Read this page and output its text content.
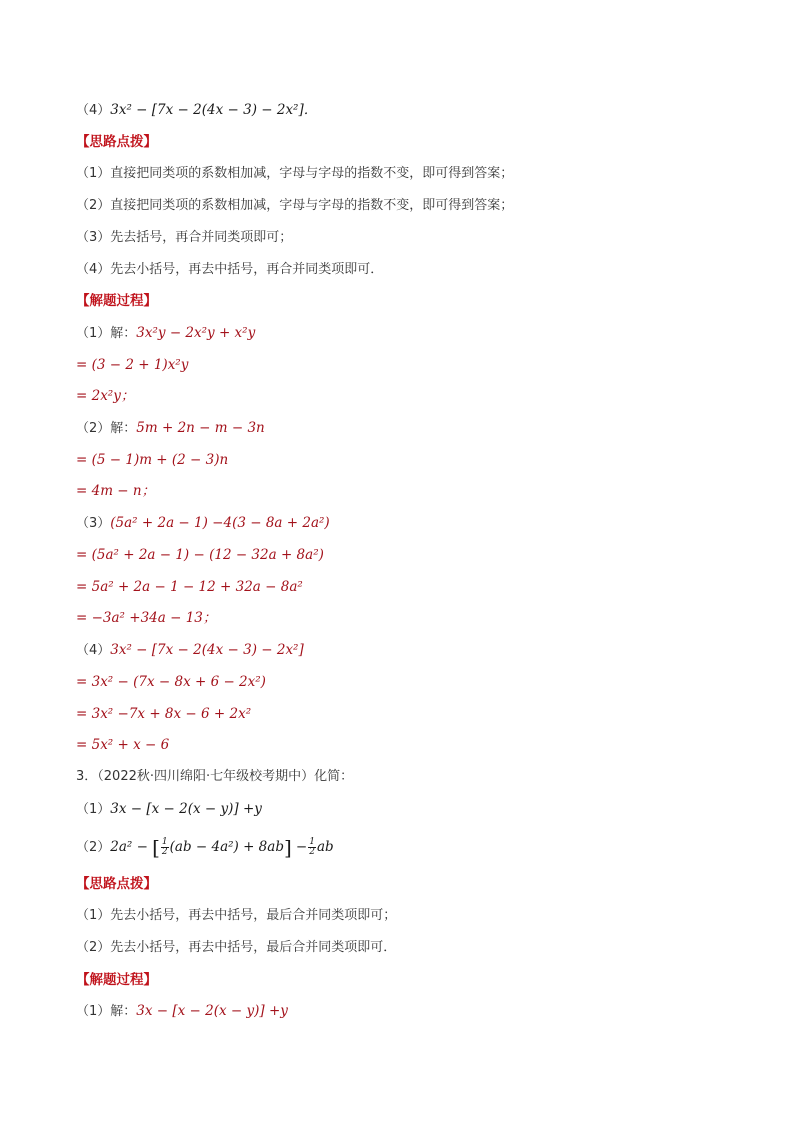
（4）3x² − [7x − 2(4x − 3) − 2x²]．
【思路点拨】
（1）直接把同类项的系数相加减，字母与字母的指数不变，即可得到答案；
（2）直接把同类项的系数相加减，字母与字母的指数不变，即可得到答案；
（3）先去括号，再合并同类项即可；
（4）先去小括号，再去中括号，再合并同类项即可．
【解题过程】
（1）解：3x²y − 2x²y + x²y
= (3 − 2 + 1)x²y
= 2x²y；
（2）解：5m + 2n − m − 3n
= (5 − 1)m + (2 − 3)n
= 4m − n；
（3）(5a² + 2a − 1) −4(3 − 8a + 2a²)
= (5a² + 2a − 1) − (12 − 32a + 8a²)
= 5a² + 2a − 1 − 12 + 32a − 8a²
= −3a² +34a − 13；
（4）3x² − [7x − 2(4x − 3) − 2x²]
= 3x² − (7x − 8x + 6 − 2x²)
= 3x² −7x + 8x − 6 + 2x²
= 5x² + x − 6
3．（2022秋·四川绵阳·七年级校考期中）化简：
（1）3x − [x − 2(x − y)] +y
（2）2a² − [ $\frac{1}{2} (ab - 4a^2) + 8ab] - \frac{1}{2}$ ab
【思路点拨】
（1）先去小括号，再去中括号，最后合并同类项即可；
（2）先去小括号，再去中括号，最后合并同类项即可．
【解题过程】
（1）解：3x − [x − 2(x − y)] +y
